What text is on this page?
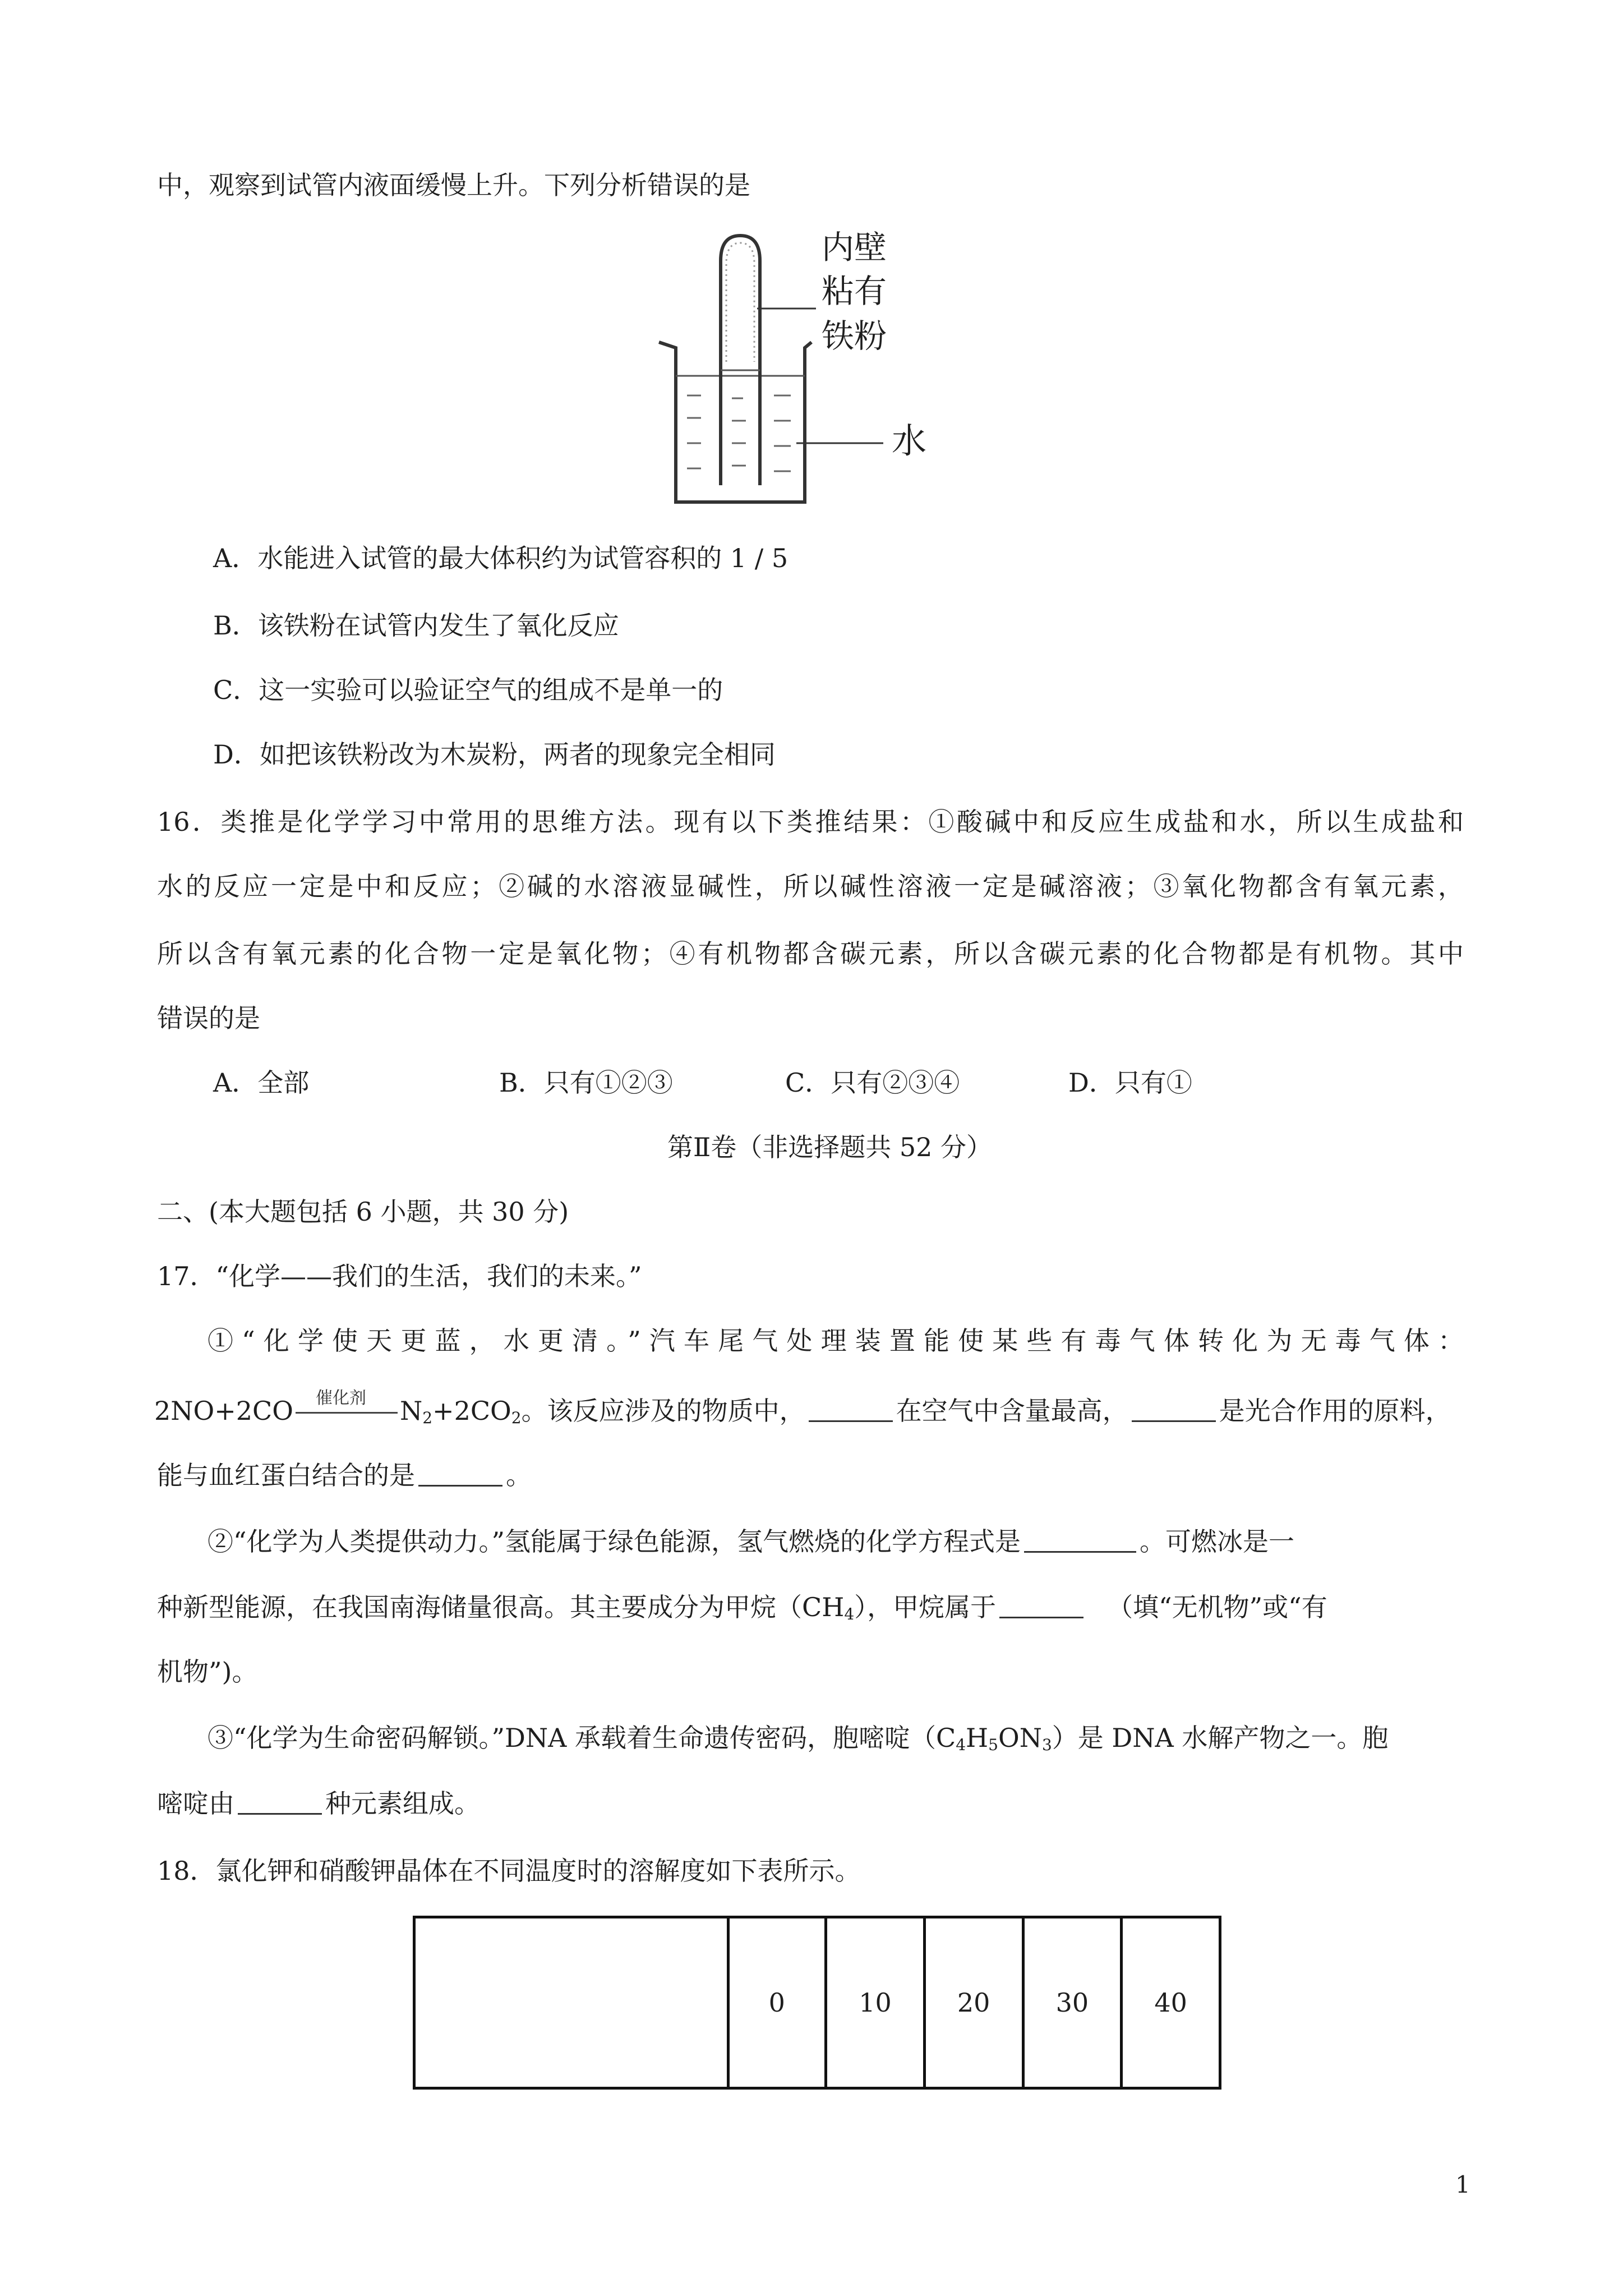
中，观察到试管内液面缓慢上升。下列分析错误的是
内壁
粘有
铁粉
水
A．水能进入试管的最大体积约为试管容积的 1 / 5
B．该铁粉在试管内发生了氧化反应
C．这一实验可以验证空气的组成不是单一的
D．如把该铁粉改为木炭粉，两者的现象完全相同
16．类推是化学学习中常用的思维方法。现有以下类推结果：①酸碱中和反应生成盐和水，所以生成盐和
水的反应一定是中和反应；②碱的水溶液显碱性，所以碱性溶液一定是碱溶液；③氧化物都含有氧元素，
所以含有氧元素的化合物一定是氧化物；④有机物都含碳元素，所以含碳元素的化合物都是有机物。其中
错误的是
A．全部	B．只有①②③	C．只有②③④	D．只有①
第Ⅱ卷（非选择题共 52 分）
二、(本大题包括 6 小题，共 30 分)
17．“化学——我们的生活，我们的未来。”
①“化学使天更蓝，水更清。”汽车尾气处理装置能使某些有毒气体转化为无毒气体：
2NO+2CO 催化剂 $N_2+2CO_2$。该反应涉及的物质中，	在空气中含量最高，	是光合作用的原料，
能与血红蛋白结合的是	。
②“化学为人类提供动力。”氢能属于绿色能源，氢气燃烧的化学方程式是	。可燃冰是一
种新型能源，在我国南海储量很高。其主要成分为甲烷$(CH_4)$，甲烷属于	（填“无机物”或“有
机物”)。
③“化学为生命密码解锁。”DNA 承载着生命遗传密码，胞嘧啶$(C_4H_5ON_3)$是 DNA 水解产物之一。胞
嘧啶由	种元素组成。
18．氯化钾和硝酸钾晶体在不同温度时的溶解度如下表所示。
	0	10	20	30	40
1
